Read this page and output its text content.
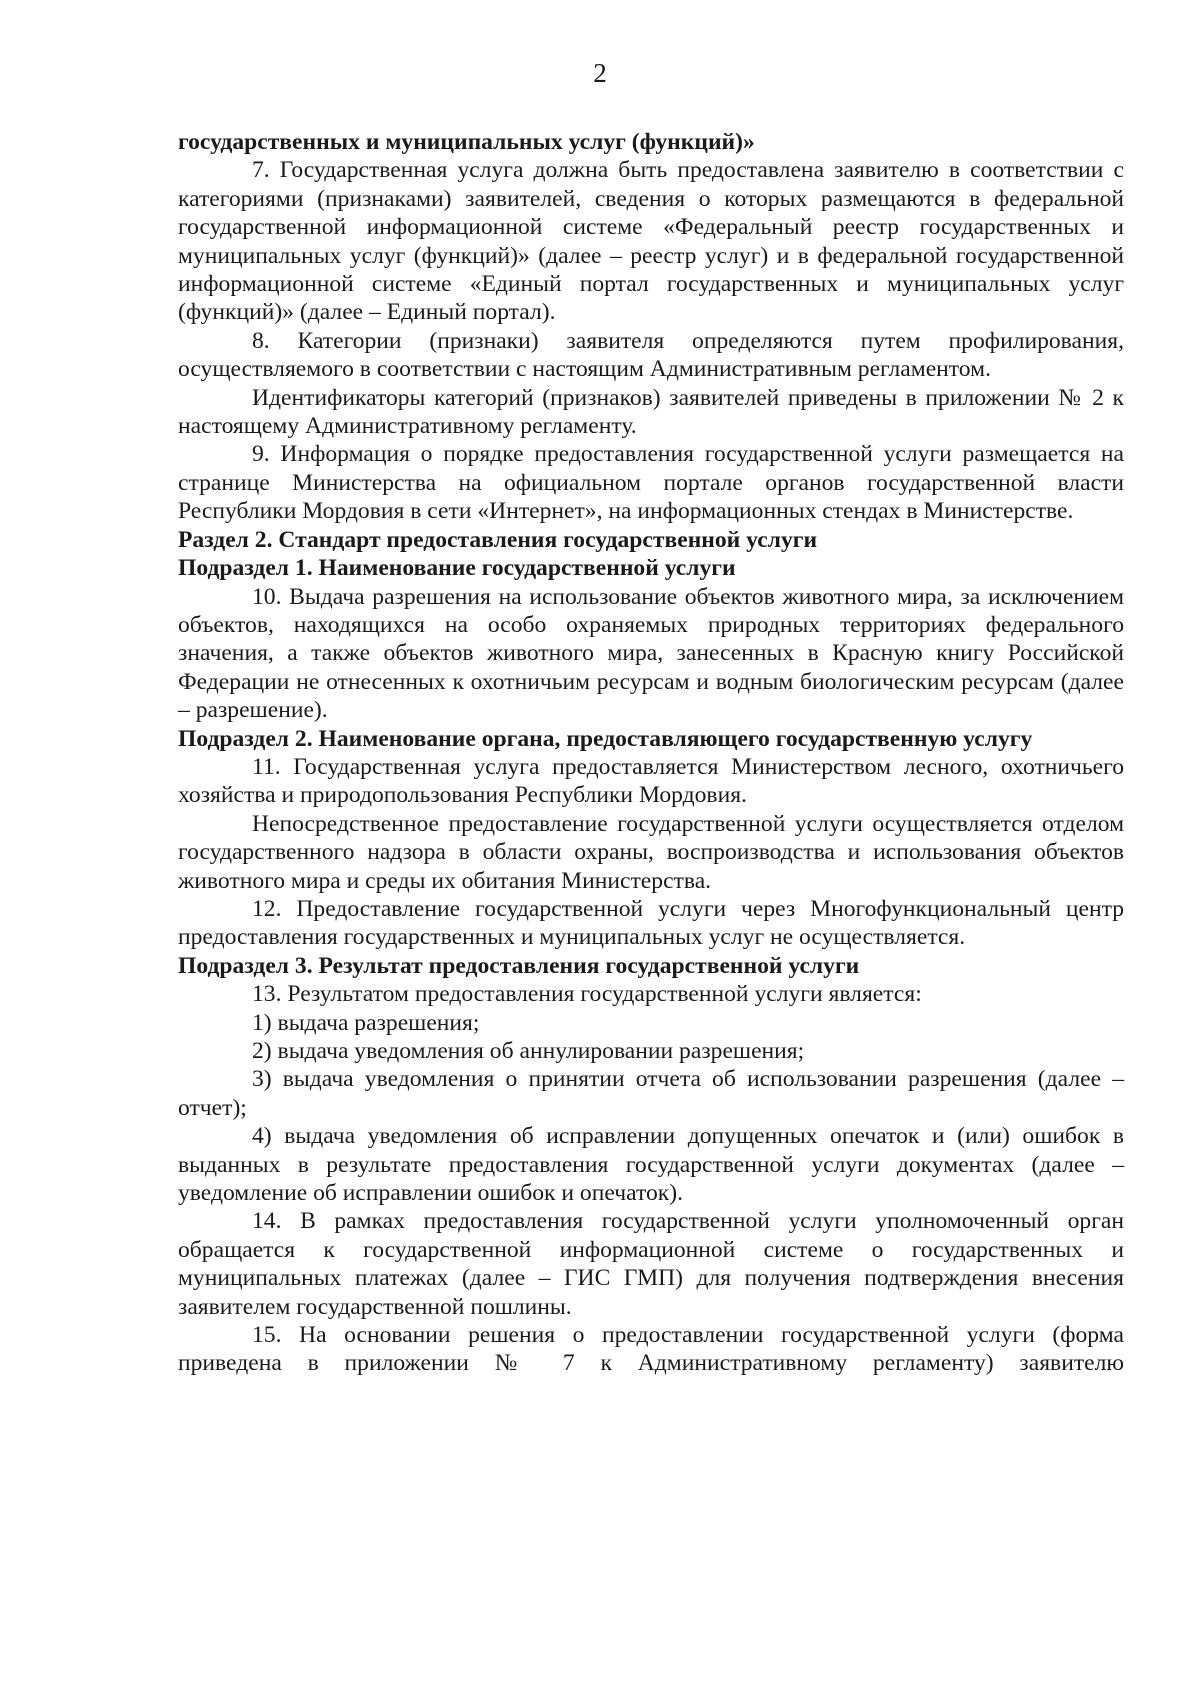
2

государственных и муниципальных услуг (функций)»

7. Государственная услуга должна быть предоставлена заявителю в соответствии с категориями (признаками) заявителей, сведения о которых размещаются в федеральной государственной информационной системе «Федеральный реестр государственных и муниципальных услуг (функций)» (далее – реестр услуг) и в федеральной государственной информационной системе «Единый портал государственных и муниципальных услуг (функций)» (далее – Единый портал).

8. Категории (признаки) заявителя определяются путем профилирования, осуществляемого в соответствии с настоящим Административным регламентом.

Идентификаторы категорий (признаков) заявителей приведены в приложении № 2 к настоящему Административному регламенту.

9. Информация о порядке предоставления государственной услуги размещается на странице Министерства на официальном портале органов государственной власти Республики Мордовия в сети «Интернет», на информационных стендах в Министерстве.

Раздел 2. Стандарт предоставления государственной услуги

Подраздел 1. Наименование государственной услуги

10. Выдача разрешения на использование объектов животного мира, за исключением объектов, находящихся на особо охраняемых природных территориях федерального значения, а также объектов животного мира, занесенных в Красную книгу Российской Федерации не отнесенных к охотничьим ресурсам и водным биологическим ресурсам (далее – разрешение).

Подраздел 2. Наименование органа, предоставляющего государственную услугу

11. Государственная услуга предоставляется Министерством лесного, охотничьего хозяйства и природопользования Республики Мордовия.

Непосредственное предоставление государственной услуги осуществляется отделом государственного надзора в области охраны, воспроизводства и использования объектов животного мира и среды их обитания Министерства.

12. Предоставление государственной услуги через Многофункциональный центр предоставления государственных и муниципальных услуг не осуществляется.

Подраздел 3. Результат предоставления государственной услуги

13. Результатом предоставления государственной услуги является:

1) выдача разрешения;

2) выдача уведомления об аннулировании разрешения;

3) выдача уведомления о принятии отчета об использовании разрешения (далее – отчет);

4) выдача уведомления об исправлении допущенных опечаток и (или) ошибок в выданных в результате предоставления государственной услуги документах (далее – уведомление об исправлении ошибок и опечаток).

14. В рамках предоставления государственной услуги уполномоченный орган обращается к государственной информационной системе о государственных и муниципальных платежах (далее – ГИС ГМП) для получения подтверждения внесения заявителем государственной пошлины.

15. На основании решения о предоставлении государственной услуги (форма приведена в приложении № 7 к Административному регламенту) заявителю
